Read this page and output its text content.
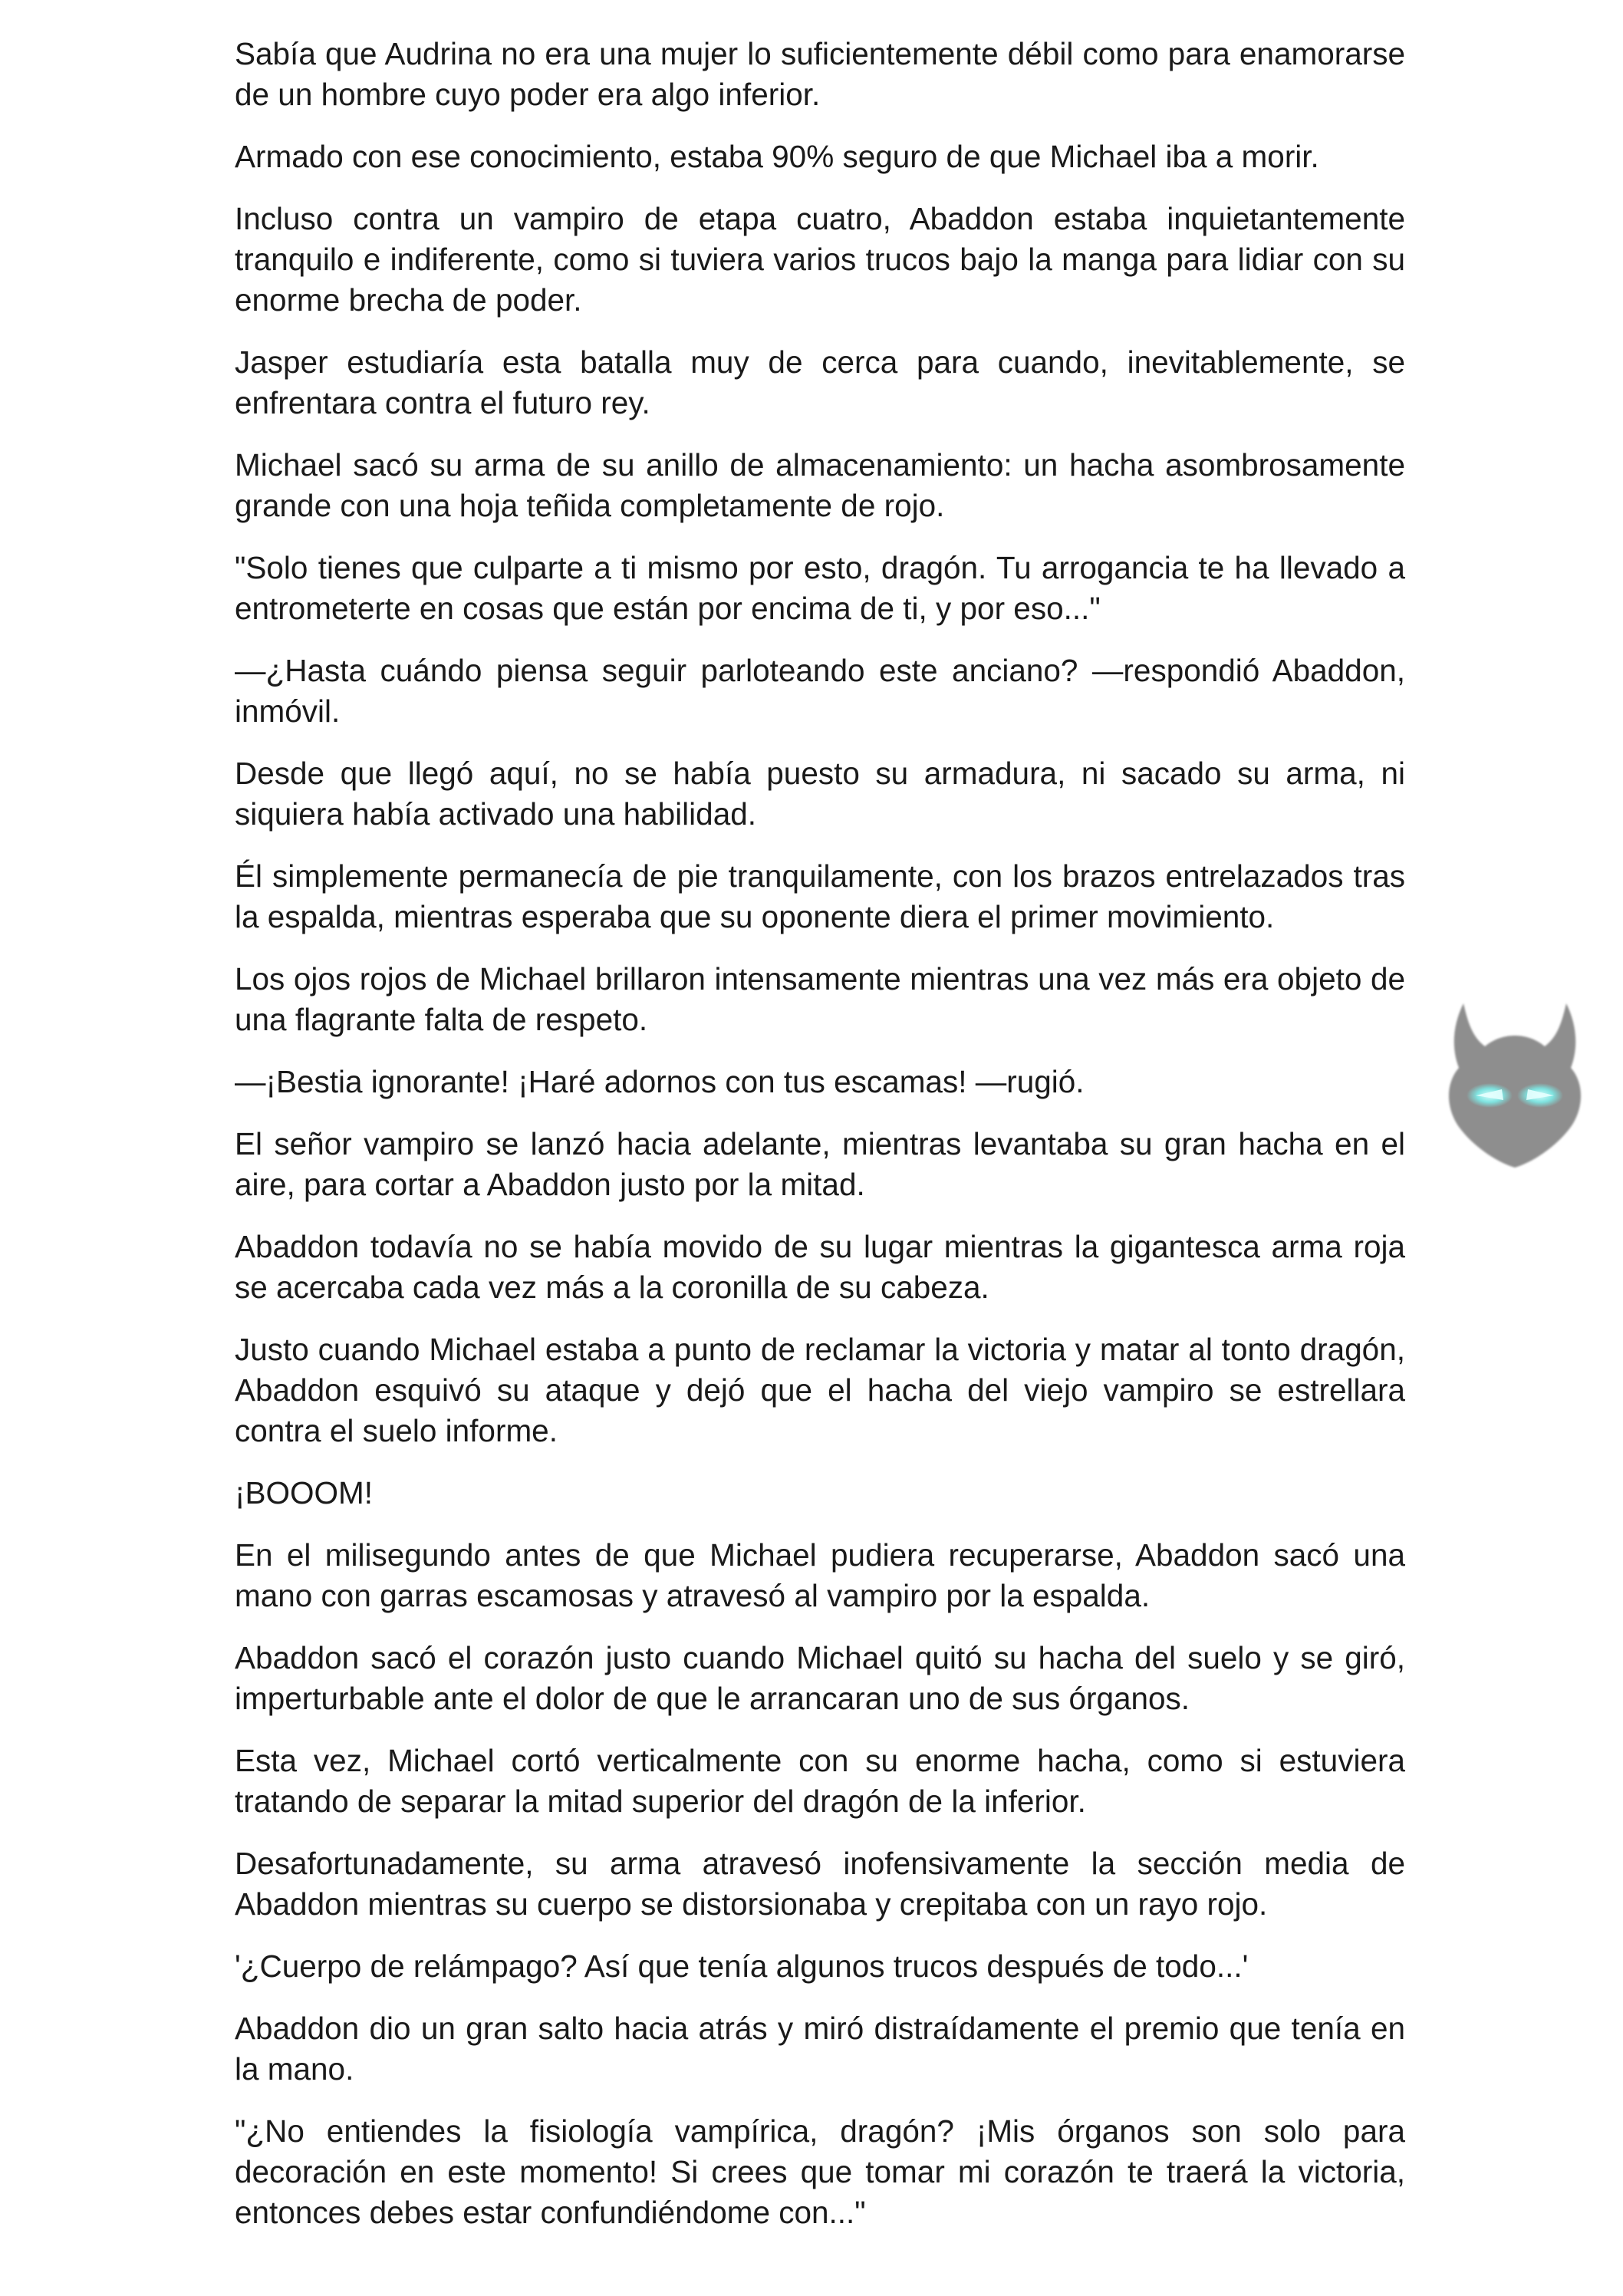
Sabía que Audrina no era una mujer lo suficientemente débil como para enamorarse de un hombre cuyo poder era algo inferior.

Armado con ese conocimiento, estaba 90% seguro de que Michael iba a morir.

Incluso contra un vampiro de etapa cuatro, Abaddon estaba inquietantemente tranquilo e indiferente, como si tuviera varios trucos bajo la manga para lidiar con su enorme brecha de poder.

Jasper estudiaría esta batalla muy de cerca para cuando, inevitablemente, se enfrentara contra el futuro rey.

Michael sacó su arma de su anillo de almacenamiento: un hacha asombrosamente grande con una hoja teñida completamente de rojo.

"Solo tienes que culparte a ti mismo por esto, dragón. Tu arrogancia te ha llevado a entrometerte en cosas que están por encima de ti, y por eso..."

—¿Hasta cuándo piensa seguir parloteando este anciano? —respondió Abaddon, inmóvil.

Desde que llegó aquí, no se había puesto su armadura, ni sacado su arma, ni siquiera había activado una habilidad.

Él simplemente permanecía de pie tranquilamente, con los brazos entrelazados tras la espalda, mientras esperaba que su oponente diera el primer movimiento.

Los ojos rojos de Michael brillaron intensamente mientras una vez más era objeto de una flagrante falta de respeto.

—¡Bestia ignorante! ¡Haré adornos con tus escamas! —rugió.

El señor vampiro se lanzó hacia adelante, mientras levantaba su gran hacha en el aire, para cortar a Abaddon justo por la mitad.

Abaddon todavía no se había movido de su lugar mientras la gigantesca arma roja se acercaba cada vez más a la coronilla de su cabeza.

Justo cuando Michael estaba a punto de reclamar la victoria y matar al tonto dragón, Abaddon esquivó su ataque y dejó que el hacha del viejo vampiro se estrellara contra el suelo informe.

¡BOOOM!

En el milisegundo antes de que Michael pudiera recuperarse, Abaddon sacó una mano con garras escamosas y atravesó al vampiro por la espalda.

Abaddon sacó el corazón justo cuando Michael quitó su hacha del suelo y se giró, imperturbable ante el dolor de que le arrancaran uno de sus órganos.

Esta vez, Michael cortó verticalmente con su enorme hacha, como si estuviera tratando de separar la mitad superior del dragón de la inferior.

Desafortunadamente, su arma atravesó inofensivamente la sección media de Abaddon mientras su cuerpo se distorsionaba y crepitaba con un rayo rojo.

'¿Cuerpo de relámpago? Así que tenía algunos trucos después de todo...'

Abaddon dio un gran salto hacia atrás y miró distraídamente el premio que tenía en la mano.

"¿No entiendes la fisiología vampírica, dragón? ¡Mis órganos son solo para decoración en este momento! Si crees que tomar mi corazón te traerá la victoria, entonces debes estar confundiéndome con..."
